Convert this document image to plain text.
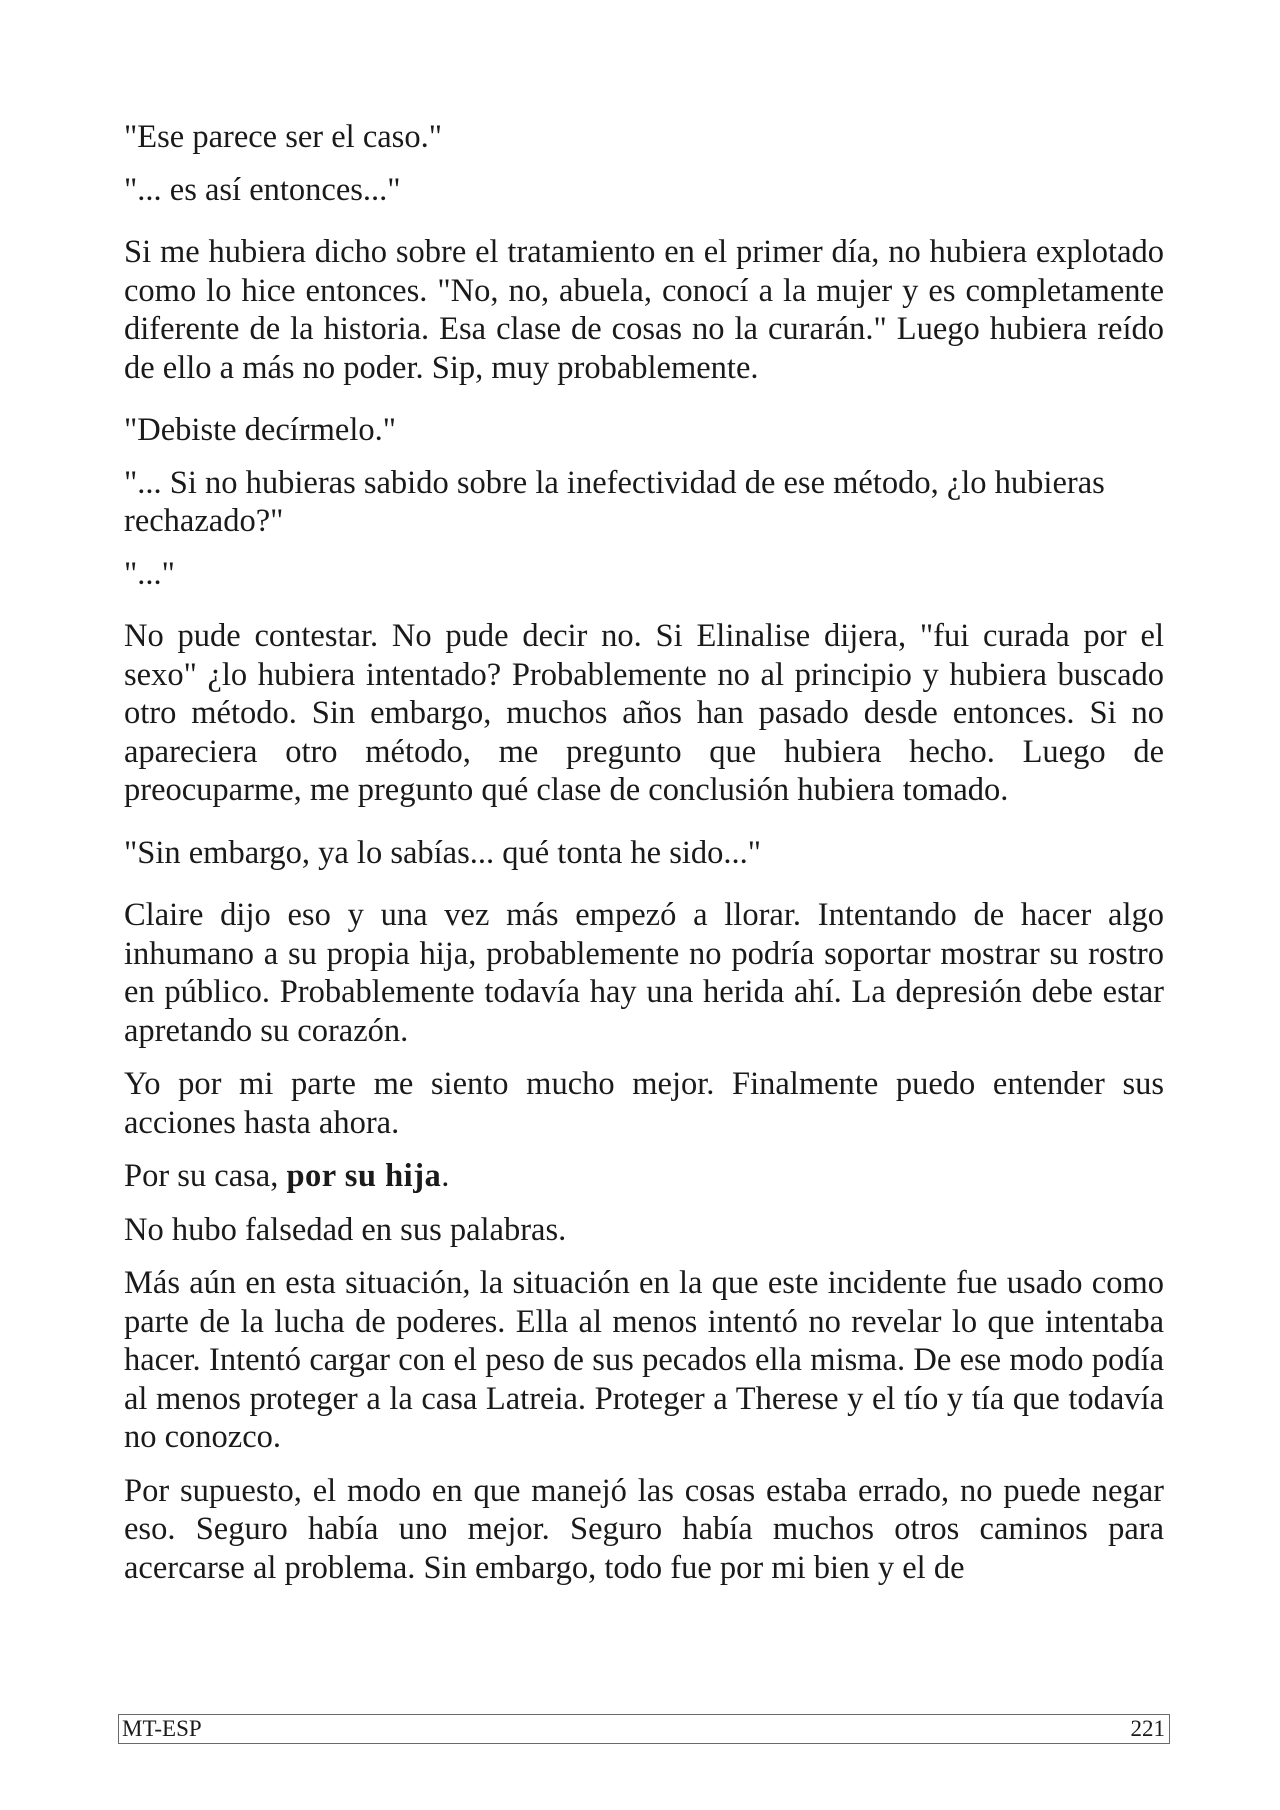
"Ese parece ser el caso."

"... es así entonces..."

Si me hubiera dicho sobre el tratamiento en el primer día, no hubiera explotado como lo hice entonces. "No, no, abuela, conocí a la mujer y es completamente diferente de la historia. Esa clase de cosas no la curarán." Luego hubiera reído de ello a más no poder. Sip, muy probablemente.

"Debiste decírmelo."

"... Si no hubieras sabido sobre la inefectividad de ese método, ¿lo hubieras rechazado?"

"..."

No pude contestar. No pude decir no. Si Elinalise dijera, "fui curada por el sexo" ¿lo hubiera intentado? Probablemente no al principio y hubiera buscado otro método. Sin embargo, muchos años han pasado desde entonces. Si no apareciera otro método, me pregunto que hubiera hecho. Luego de preocuparme, me pregunto qué clase de conclusión hubiera tomado.

"Sin embargo, ya lo sabías... qué tonta he sido..."

Claire dijo eso y una vez más empezó a llorar. Intentando de hacer algo inhumano a su propia hija, probablemente no podría soportar mostrar su rostro en público. Probablemente todavía hay una herida ahí. La depresión debe estar apretando su corazón.

Yo por mi parte me siento mucho mejor. Finalmente puedo entender sus acciones hasta ahora.

Por su casa, por su hija.

No hubo falsedad en sus palabras.

Más aún en esta situación, la situación en la que este incidente fue usado como parte de la lucha de poderes. Ella al menos intentó no revelar lo que intentaba hacer. Intentó cargar con el peso de sus pecados ella misma. De ese modo podía al menos proteger a la casa Latreia. Proteger a Therese y el tío y tía que todavía no conozco.

Por supuesto, el modo en que manejó las cosas estaba errado, no puede negar eso. Seguro había uno mejor. Seguro había muchos otros caminos para acercarse al problema. Sin embargo, todo fue por mi bien y el de

MT-ESP	221
